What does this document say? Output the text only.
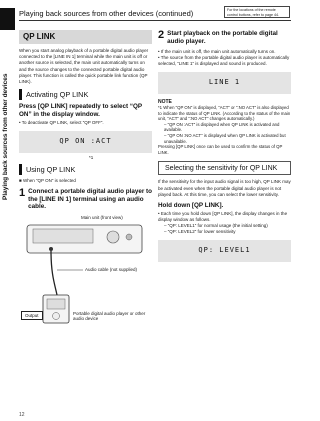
Playing back sources from other devices
Playing back sources from other devices (continued)	For the locations of the remote control buttons, refer to page 44.
QP LINK
When you start analog playback of a portable digital audio player connected to the [LINE IN 1] terminal while the main unit is off or another source is selected, the main unit automatically turns on and the source changes to the connected portable digital audio player. This function is called the quick portable link function (QP LINK).
Activating QP LINK
Press [QP LINK] repeatedly to select “QP ON” in the display window.
• To deactivate QP LINK, select “QP OFF”.
QP ON :ACT
*1
Using QP LINK
■ When “QP ON” is selected
1 Connect a portable digital audio player to the [LINE IN 1] terminal using an audio cable.
Main unit (front view)
Audio cable (not supplied)
Output	Portable digital audio player or other audio device
2 Start playback on the portable digital audio player.
• If the main unit is off, the main unit automatically turns on.
• The source from the portable digital audio player is automatically selected, “LINE 1” is displayed and sound is produced.
LINE 1
NOTE
*1 When “QP ON” is displayed, “ACT” or “:NO ACT” is also displayed to indicate the status of QP LINK. (According to the status of the main unit, “ACT” and “:NO ACT” changes automatically.)
– “QP ON :ACT” is displayed when QP LINK is activated and available.
– “QP ON :NO ACT” is displayed when QP LINK is activated but unavailable.
Pressing [QP LINK] once can be used to confirm the status of QP LINK.
Selecting the sensitivity for QP LINK
If the sensitivity for the input audio signal is too high, QP LINK may be activated even when the portable digital audio player is not played back. At this time, you can select the lower sensitivity.
Hold down [QP LINK].
• Each time you hold down [QP LINK], the display changes in the display window as follows.
– “QP: LEVEL1” for normal usage (the initial setting)
– “QP: LEVEL2” for lower sensitivity
QP: LEVEL1
12
